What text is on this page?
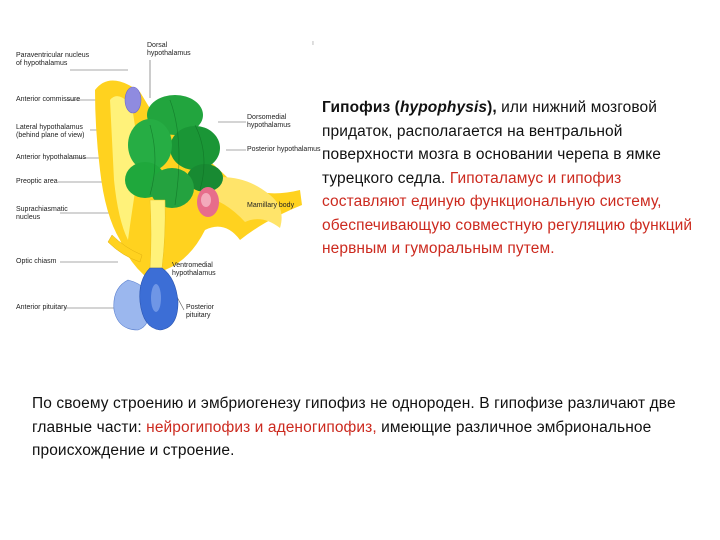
Paraventricular nucleus
of hypothalamus
Anterior commissure
Lateral hypothalamus
(behind plane of view)
Anterior hypothalamus
Preoptic area
Suprachiasmatic
nucleus
Optic chiasm
Anterior pituitary
Dorsal
hypothalamus
Dorsomedial
hypothalamus
Posterior hypothalamus
Mamillary body
Ventromedial
hypothalamus
Posterior
pituitary
ı
Гипофиз (hypophysis), или нижний мозговой придаток, располагается на вентральной поверхности мозга в основании черепа в ямке турецкого седла. Гипоталамус и гипофиз составляют единую функциональную систему, обеспечивающую совместную регуляцию функций нервным и гуморальным путем.
По своему строению и эмбриогенезу гипофиз не однороден. В гипофизе различают две главные части: нейрогипофиз и аденогипофиз, имеющие различное эмбриональное происхождение и строение.
